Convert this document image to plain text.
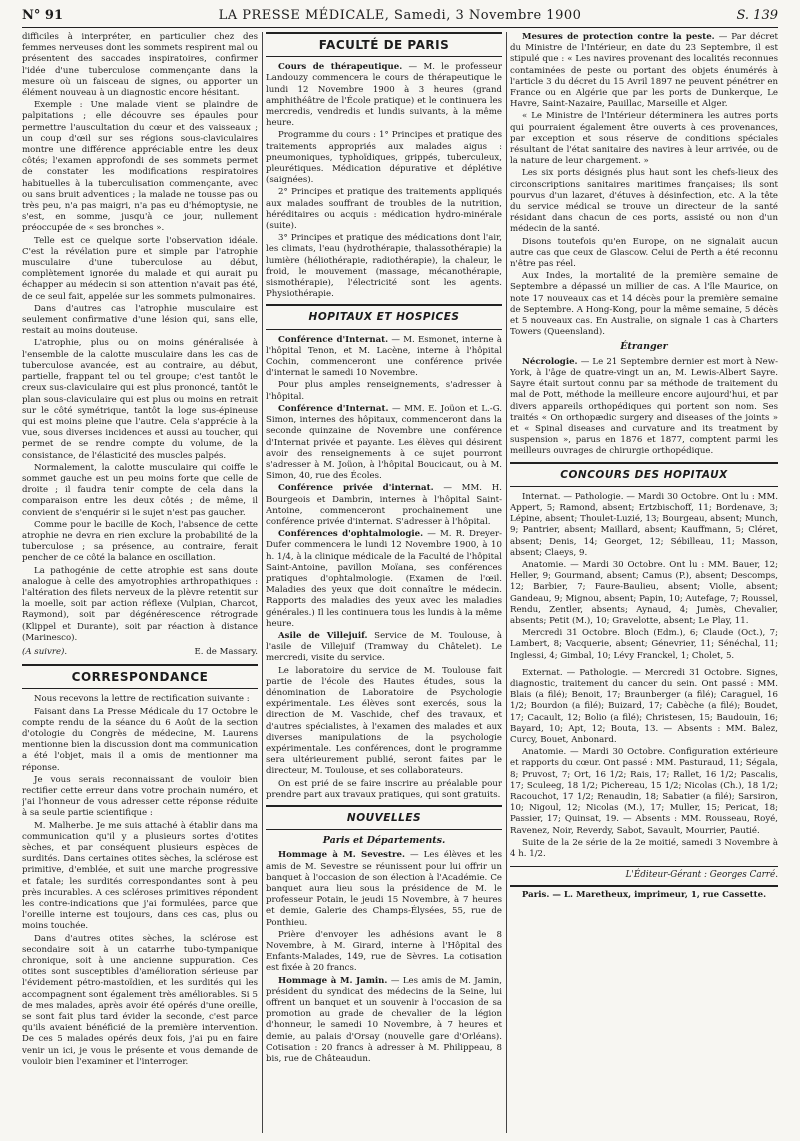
N° 91	LA PRESSE MÉDICALE, Samedi, 3 Novembre 1900	S. 139

difficiles à interpréter, en particulier chez des femmes nerveuses dont les sommets respirent mal ou présentent des saccades inspiratoires, confirmer l'idée d'une tuberculose commençante dans la mesure où un faisceau de signes, ou apporter un élément nouveau à un diagnostic encore hésitant.

Exemple : Une malade vient se plaindre de palpitations ; elle découvre ses épaules pour permettre l'auscultation du cœur et des vaisseaux ; un coup d'œil sur ses régions sous-claviculaires montre une différence appréciable entre les deux côtés; l'examen approfondi de ses sommets permet de constater les modifications respiratoires habituelles à la tuberculisation commençante, avec ou sans bruit adventices ; la malade ne tousse pas ou très peu, n'a pas maigri, n'a pas eu d'hémoptysie, ne s'est, en somme, jusqu'à ce jour, nullement préoccupée de « ses bronches ».

Telle est ce quelque sorte l'observation idéale. C'est la révélation pure et simple par l'atrophie musculaire d'une tuberculose au début, complètement ignorée du malade et qui aurait pu échapper au médecin si son attention n'avait pas été, de ce seul fait, appelée sur les sommets pulmonaires.

Dans d'autres cas l'atrophie musculaire est seulement confirmative d'une lésion qui, sans elle, restait au moins douteuse.

L'atrophie, plus ou on moins généralisée à l'ensemble de la calotte musculaire dans les cas de tuberculose avancée, est au contraire, au début, partielle, frappant tel ou tel groupe; c'est tantôt le creux sus-claviculaire qui est plus prononcé, tantôt le plan sous-claviculaire qui est plus ou moins en retrait sur le côté symétrique, tantôt la loge sus-épineuse qui est moins pleine que l'autre. Cela s'apprécie à la vue, sous diverses incidences et aussi au toucher, qui permet de se rendre compte du volume, de la consistance, de l'élasticité des muscles palpés.

Normalement, la calotte musculaire qui coiffe le sommet gauche est un peu moins forte que celle de droite ; il faudra tenir compte de cela dans la comparaison entre les deux côtés ; de même, il convient de s'enquérir si le sujet n'est pas gaucher.

Comme pour le bacille de Koch, l'absence de cette atrophie ne devra en rien exclure la probabilité de la tuberculose ; sa présence, au contraire, ferait pencher de ce côté la balance en oscillation.

La pathogénie de cette atrophie est sans doute analogue à celle des amyotrophies arthropathiques : l'altération des filets nerveux de la plèvre retentit sur la moelle, soit par action réflexe (Vulpian, Charcot, Raymond), soit par dégénérescence rétrograde (Klippel et Durante), soit par réaction à distance (Marinesco).

(A suivre).	E. de Massary.
CORRESPONDANCE

Nous recevons la lettre de rectification suivante :

Faisant dans La Presse Médicale du 17 Octobre le compte rendu de la séance du 6 Août de la section d'otologie du Congrès de médecine, M. Laurens mentionne bien la discussion dont ma communication a été l'objet, mais il a omis de mentionner ma réponse.

Je vous serais reconnaissant de vouloir bien rectifier cette erreur dans votre prochain numéro, et j'ai l'honneur de vous adresser cette réponse réduite à sa seule partie scientifique :

M. Malherbe. Je me suis attaché à établir dans ma communication qu'il y a plusieurs sortes d'otites sèches, et par conséquent plusieurs espèces de surdités. Dans certaines otites sèches, la sclérose est primitive, d'emblée, et suit une marche progressive et fatale; les surdités correspondantes sont à peu près incurables. A ces scléroses primitives répondent les contre-indications que j'ai formulées, parce que l'oreille interne est toujours, dans ces cas, plus ou moins touchée.

Dans d'autres otites sèches, la sclérose est secondaire soit à un catarrhe tubo-tympanique chronique, soit à une ancienne suppuration. Ces otites sont susceptibles d'amélioration sérieuse par l'évidement pétro-mastoïdien, et les surdités qui les accompagnent sont également très améliorables. Si 5 de mes malades, après avoir été opérés d'une oreille, se sont fait plus tard évider la seconde, c'est parce qu'ils avaient bénéficié de la première intervention. De ces 5 malades opérés deux fois, j'ai pu en faire venir un ici, je vous le présente et vous demande de vouloir bien l'examiner et l'interroger.

FACULTÉ DE PARIS

Cours de thérapeutique. — M. le professeur Landouzy commencera le cours de thérapeutique le lundi 12 Novembre 1900 à 3 heures (grand amphithéâtre de l'École pratique) et le continuera les mercredis, vendredis et lundis suivants, à la même heure.

Programme du cours : 1° Principes et pratique des traitements appropriés aux malades aigus : pneumoniques, typhoïdiques, grippés, tuberculeux, pleurétiques. Médication dépurative et déplétive (saignées).

2° Principes et pratique des traitements appliqués aux malades souffrant de troubles de la nutrition, héréditaires ou acquis : médication hydro-minérale (suite).

3° Principes et pratique des médications dont l'air, les climats, l'eau (hydrothérapie, thalassothérapie) la lumière (héliothérapie, radiothérapie), la chaleur, le froid, le mouvement (massage, mécanothérapie, sismothérapie), l'électricité sont les agents. Physiothérapie.

HOPITAUX ET HOSPICES

Conférence d'Internat. — M. Esmonet, interne à l'hôpital Tenon, et M. Lacène, interne à l'hôpital Cochin, commenceront une conférence privée d'internat le samedi 10 Novembre.

Pour plus amples renseignements, s'adresser à l'hôpital.

Conférence d'Internat. — MM. E. Joüon et L.-G. Simon, internes des hôpitaux, commenceront dans la seconde quinzaine de Novembre une conférence d'Internat privée et payante. Les élèves qui désirent avoir des renseignements à ce sujet pourront s'adresser à M. Joüon, à l'hôpital Boucicaut, ou à M. Simon, 40, rue des Écoles.

Conférence privée d'internat. — MM. H. Bourgeois et Dambrin, internes à l'hôpital Saint-Antoine, commenceront prochainement une conférence privée d'internat. S'adresser à l'hôpital.

Conférences d'ophtalmologie. — M. R. Dreyer-Dufer commencera le lundi 12 Novembre 1900, à 10 h. 1/4, à la clinique médicale de la Faculté de l'hôpital Saint-Antoine, pavillon Moïana, ses conférences pratiques d'ophtalmologie. (Examen de l'œil. Maladies des yeux que doit connaître le médecin. Rapports des maladies des yeux avec les maladies générales.) Il les continuera tous les lundis à la même heure.

Asile de Villejuif. Service de M. Toulouse, à l'asile de Villejuif (Tramway du Châtelet). Le mercredi, visite du service.

Le laboratoire du service de M. Toulouse fait partie de l'école des Hautes études, sous la dénomination de Laboratoire de Psychologie expérimentale. Les élèves sont exercés, sous la direction de M. Vaschide, chef des travaux, et d'autres spécialistes, à l'examen des malades et aux diverses manipulations de la psychologie expérimentale. Les conférences, dont le programme sera ultérieurement publié, seront faites par le directeur, M. Toulouse, et ses collaborateurs.

On est prié de se faire inscrire au préalable pour prendre part aux travaux pratiques, qui sont gratuits.

NOUVELLES
Paris et Départements.

Hommage à M. Sevestre. — Les élèves et les amis de M. Sevestre se réunissent pour lui offrir un banquet à l'occasion de son élection à l'Académie. Ce banquet aura lieu sous la présidence de M. le professeur Potain, le jeudi 15 Novembre, à 7 heures et demie, Galerie des Champs-Élysées, 55, rue de Ponthieu.

Prière d'envoyer les adhésions avant le 8 Novembre, à M. Girard, interne à l'Hôpital des Enfants-Malades, 149, rue de Sèvres. La cotisation est fixée à 20 francs.

Hommage à M. Jamin. — Les amis de M. Jamin, président du syndicat des médecins de la Seine, lui offrent un banquet et un souvenir à l'occasion de sa promotion au grade de chevalier de la légion d'honneur, le samedi 10 Novembre, à 7 heures et demie, au palais d'Orsay (nouvelle gare d'Orléans). Cotisation : 20 francs à adresser à M. Philippeau, 8 bis, rue de Châteaudun.

Mesures de protection contre la peste. — Par décret du Ministre de l'Intérieur, en date du 23 Septembre, il est stipulé que : « Les navires provenant des localités reconnues contaminées de peste ou portant des objets énumérés à l'article 3 du décret du 15 Avril 1897 ne peuvent pénétrer en France ou en Algérie que par les ports de Dunkerque, Le Havre, Saint-Nazaire, Pauillac, Marseille et Alger.

« Le Ministre de l'Intérieur déterminera les autres ports qui pourraient également être ouverts à ces provenances, par exception et sous réserve de conditions spéciales résultant de l'état sanitaire des navires à leur arrivée, ou de la nature de leur chargement. »

Les six ports désignés plus haut sont les chefs-lieux des circonscriptions sanitaires maritimes françaises; ils sont pourvus d'un lazaret, d'étuves à désinfection, etc. A la tête du service médical se trouve un directeur de la santé résidant dans chacun de ces ports, assisté ou non d'un médecin de la santé.

Disons toutefois qu'en Europe, on ne signalait aucun autre cas que ceux de Glascow. Celui de Perth a été reconnu n'être pas réel.

Aux Indes, la mortalité de la première semaine de Septembre a dépassé un millier de cas. A l'île Maurice, on note 17 nouveaux cas et 14 décès pour la première semaine de Septembre. A Hong-Kong, pour la même semaine, 5 décès et 5 nouveaux cas. En Australie, on signale 1 cas à Charters Towers (Queensland).

Étranger

Nécrologie. — Le 21 Septembre dernier est mort à New-York, à l'âge de quatre-vingt un an, M. Lewis-Albert Sayre. Sayre était surtout connu par sa méthode de traitement du mal de Pott, méthode la meilleure encore aujourd'hui, et par divers appareils orthopédiques qui portent son nom. Ses traités « On orthopædic surgery and diseases of the joints » et « Spinal diseases and curvature and its treatment by suspension », parus en 1876 et 1877, comptent parmi les meilleurs ouvrages de chirurgie orthopédique.

CONCOURS DES HOPITAUX

Internat. — Pathologie. — Mardi 30 Octobre. Ont lu : MM. Appert, 5; Ramond, absent; Ertzbischoff, 11; Bordenave, 3; Lépine, absent; Thoulet-Luzié, 13; Bourgeau, absent; Munch, 9; Pantrier, absent; Maillard, absent; Kauffmann, 5; Cléret, absent; Denis, 14; Georget, 12; Sébilleau, 11; Masson, absent; Claeys, 9.

Anatomie. — Mardi 30 Octobre. Ont lu : MM. Bauer, 12; Heller, 9; Gourmand, absent; Camus (P.), absent; Descomps, 12; Barbier, 7; Faure-Baulieu, absent; Violle, absent; Gandeau, 9; Mignou, absent; Papin, 10; Autefage, 7; Roussel, Rendu, Zentler, absents; Aynaud, 4; Jumès, Chevalier, absents; Petit (M.), 10; Gravelotte, absent; Le Play, 11.

Mercredi 31 Octobre. Bloch (Edm.), 6; Claude (Oct.), 7; Lambert, 8; Vacquerie, absent; Génevrier, 11; Sénéchal, 11; Inglessi, 4; Gimbal, 10; Lévy Franckel, 1; Cholet, 5.

Externat. — Pathologie. — Mercredi 31 Octobre. Signes, diagnostic, traitement du cancer du sein. Ont passé : MM. Blais (a filé); Benoit, 17; Braunberger (a filé); Caraguel, 16 1/2; Bourdon (a filé); Buizard, 17; Cabèche (a filé); Boudet, 17; Cacault, 12; Bolio (a filé); Christesen, 15; Baudouin, 16; Bayard, 10; Apt, 12; Bouta, 13. — Absents : MM. Balez, Curcy, Bouet, Anbonard.

Anatomie. — Mardi 30 Octobre. Configuration extérieure et rapports du cœur. Ont passé : MM. Pasturaud, 11; Ségala, 8; Pruvost, 7; Ort, 16 1/2; Rais, 17; Rallet, 16 1/2; Pascalis, 17; Sculeeg, 18 1/2; Pichereau, 15 1/2; Nicolas (Ch.), 18 1/2; Racouchot, 17 1/2; Renaudin, 18; Sabatier (a filé); Sarsiron, 10; Nigoul, 12; Nicolas (M.), 17; Muller, 15; Pericat, 18; Passier, 17; Quinsat, 19. — Absents : MM. Rousseau, Royé, Ravenez, Noir, Reverdy, Sabot, Savault, Mourrier, Pautié.

Suite de la 2e série de la 2e moitié, samedi 3 Novembre à 4 h. 1/2.

L'Éditeur-Gérant : Georges Carré.
Paris. — L. Maretheux, imprimeur, 1, rue Cassette.
